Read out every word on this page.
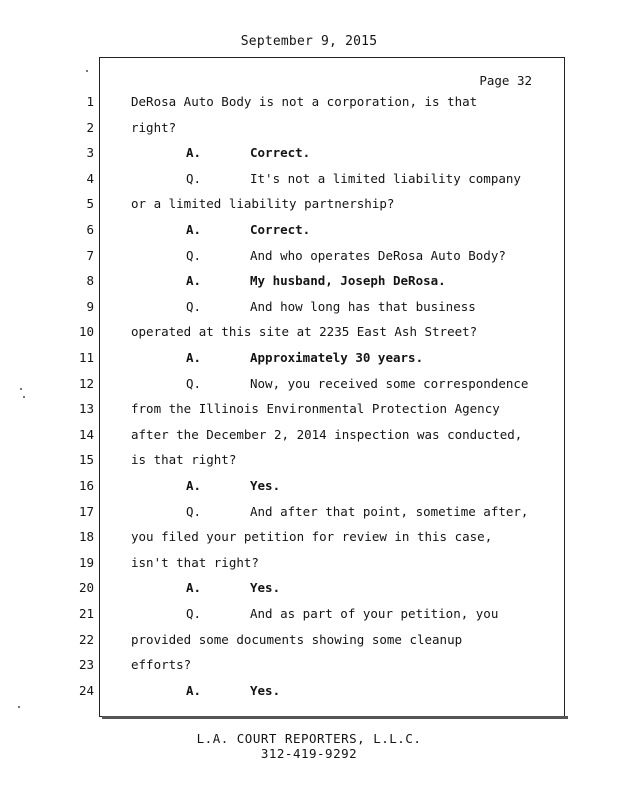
September 9, 2015
Page 32
1	DeRosa Auto Body is not a corporation, is that
2	right?
3	A.	Correct.
4	Q.	It's not a limited liability company
5	or a limited liability partnership?
6	A.	Correct.
7	Q.	And who operates DeRosa Auto Body?
8	A.	My husband, Joseph DeRosa.
9	Q.	And how long has that business
10	operated at this site at 2235 East Ash Street?
11	A.	Approximately 30 years.
12	Q.	Now, you received some correspondence
13	from the Illinois Environmental Protection Agency
14	after the December 2, 2014 inspection was conducted,
15	is that right?
16	A.	Yes.
17	Q.	And after that point, sometime after,
18	you filed your petition for review in this case,
19	isn't that right?
20	A.	Yes.
21	Q.	And as part of your petition, you
22	provided some documents showing some cleanup
23	efforts?
24	A.	Yes.
L.A. COURT REPORTERS, L.L.C.
312-419-9292
